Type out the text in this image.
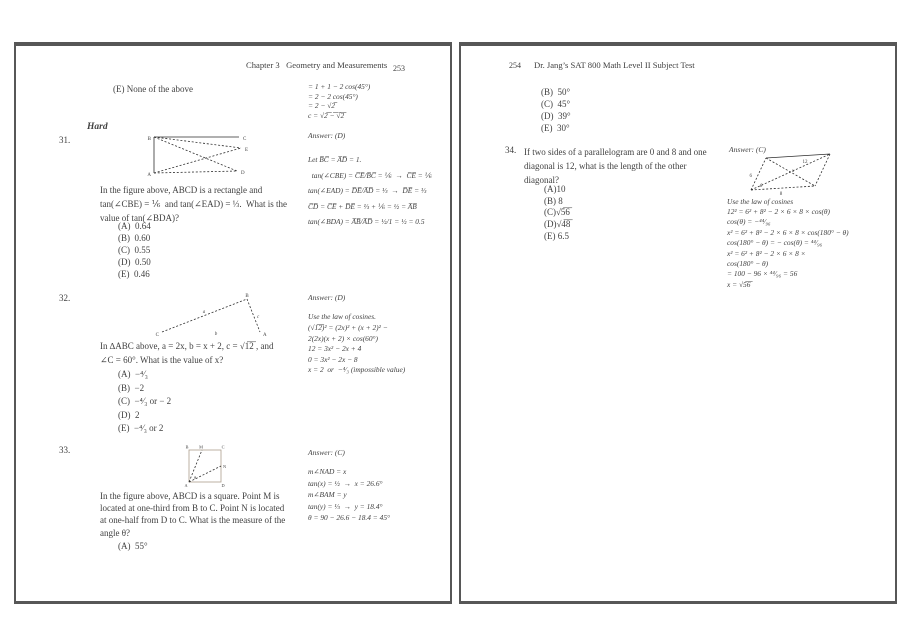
Chapter 3   Geometry and Measurements 253
(E) None of the above	= 1 + 1 − 2 cos(45°)
= 2 − 2 cos(45°)
= 2 − √2̅
c = √2̅ ̅−̅ ̅√̅2̅
Hard
31.	B
A
C
E
D
In the figure above, ABCD is a rectangle and
tan(∠CBE) = ⅙  and tan(∠EAD) = ⅓.  What is the
value of tan(∠BDA)?
(A)  0.64
(B)  0.60
(C)  0.55
(D)  0.50
(E)  0.46
Answer: (D)
Let B̅C̅ = A̅D̅ = 1.
tan(∠CBE) = C̅E̅/B̅C̅ = ⅙  →  C̅E̅ = ⅙
tan(∠EAD) = D̅E̅/A̅D̅ = ⅓  →  D̅E̅ = ⅓
C̅D̅ = C̅E̅ + D̅E̅ = ⅓ + ⅙ = ½ = A̅B̅
tan(∠BDA) = A̅B̅/A̅D̅ = ½/1 = ½ = 0.5
32.
C
B
A
a
c
b
In ∆ABC above, a = 2x, b = x + 2, c = √1̅2̅ , and
∠C = 60°. What is the value of x?
(A)  −⁴⁄₃
(B)  −2
(C)  −⁴⁄₃ or − 2
(D)  2
(E)  −⁴⁄₃ or 2
Answer: (D)
Use the law of cosines.
(√1̅2̅)² = (2x)² + (x + 2)² −
2(2x)(x + 2) × cos(60°)
12 = 3x² − 2x + 4
0 = 3x² − 2x − 8
x = 2  or  −⁴⁄₃ (impossible value)
33.	B M	C
N
A	D
θ
In the figure above, ABCD is a square. Point M is
located at one-third from B to C. Point N is located
at one-half from D to C. What is the measure of the
angle θ?
(A)  55°
Answer: (C)
m∠NAD = x
tan(x) = ½  →  x = 26.6°
m∠BAM = y
tan(y) = ⅓  →  y = 18.4°
θ = 90 − 26.6 − 18.4 = 45°
254 Dr. Jang’s SAT 800 Math Level II Subject Test
(B)  50°
(C)  45°
(D)  39°
(E)  30°
34. If two sides of a parallelogram are 0 and 8 and one
diagonal is 12, what is the length of the other
diagonal?
(A)10
(B) 8
(C)√5̅6̅
(D)√4̅8̅
(E) 6.5
Answer: (C)
6
8
12
x
θ
Use the law of cosines
12² = 6² + 8² − 2 × 6 × 8 × cos(θ)
cos(θ) = −⁴⁴⁄₉₆
x² = 6² + 8² − 2 × 6 × 8 × cos(180° − θ)
cos(180° − θ) = − cos(θ) = ⁴⁴⁄₉₆
x² = 6² + 8² − 2 × 6 × 8 ×
cos(180° − θ)
= 100 − 96 × ⁴⁴⁄₉₆ = 56
x = √5̅6̅
